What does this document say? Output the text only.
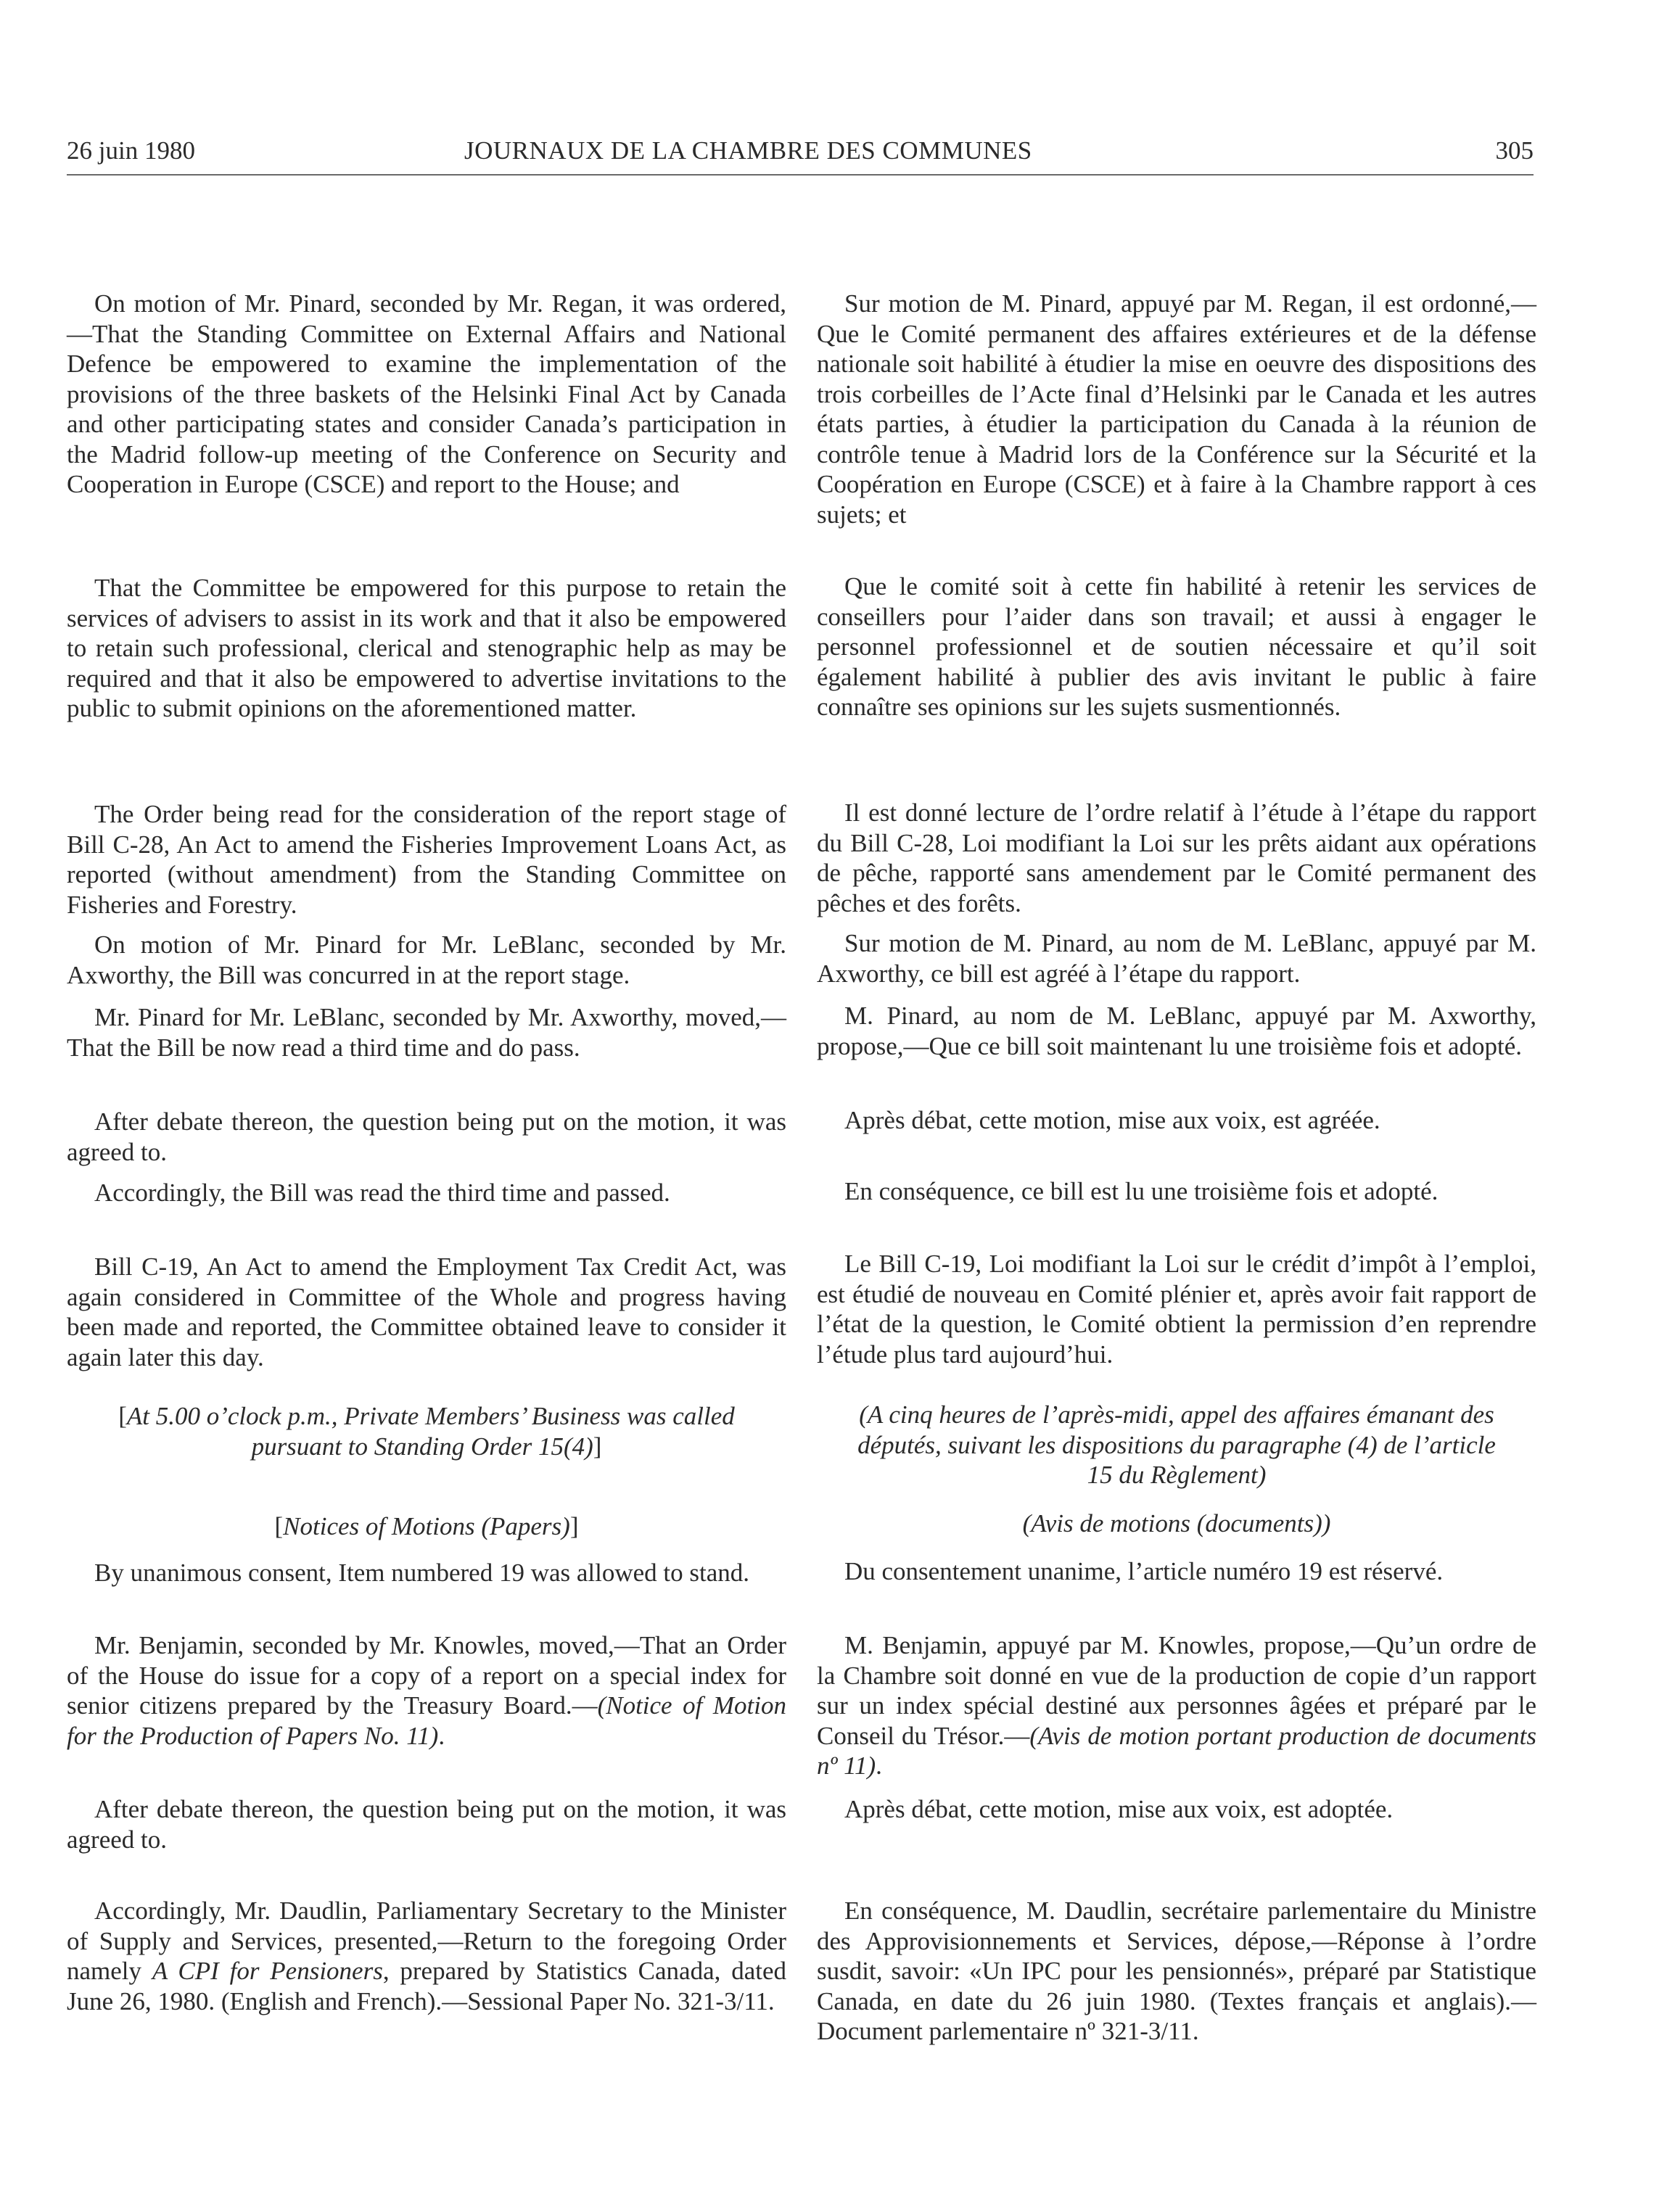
26 juin 1980	JOURNAUX DE LA CHAMBRE DES COMMUNES	305

On motion of Mr. Pinard, seconded by Mr. Regan, it was ordered,—That the Standing Committee on External Affairs and National Defence be empowered to examine the implementation of the provisions of the three baskets of the Helsinki Final Act by Canada and other participating states and consider Canada’s participation in the Madrid follow-up meeting of the Conference on Security and Cooperation in Europe (CSCE) and report to the House; and

That the Committee be empowered for this purpose to retain the services of advisers to assist in its work and that it also be empowered to retain such professional, clerical and stenographic help as may be required and that it also be empowered to advertise invitations to the public to submit opinions on the aforementioned matter.

The Order being read for the consideration of the report stage of Bill C-28, An Act to amend the Fisheries Improvement Loans Act, as reported (without amendment) from the Standing Committee on Fisheries and Forestry.

On motion of Mr. Pinard for Mr. LeBlanc, seconded by Mr. Axworthy, the Bill was concurred in at the report stage.

Mr. Pinard for Mr. LeBlanc, seconded by Mr. Axworthy, moved,—That the Bill be now read a third time and do pass.

After debate thereon, the question being put on the motion, it was agreed to.

Accordingly, the Bill was read the third time and passed.

Bill C-19, An Act to amend the Employment Tax Credit Act, was again considered in Committee of the Whole and progress having been made and reported, the Committee obtained leave to consider it again later this day.

[At 5.00 o’clock p.m., Private Members’ Business was called pursuant to Standing Order 15(4)]

[Notices of Motions (Papers)]

By unanimous consent, Item numbered 19 was allowed to stand.

Mr. Benjamin, seconded by Mr. Knowles, moved,—That an Order of the House do issue for a copy of a report on a special index for senior citizens prepared by the Treasury Board.—(Notice of Motion for the Production of Papers No. 11).

After debate thereon, the question being put on the motion, it was agreed to.

Accordingly, Mr. Daudlin, Parliamentary Secretary to the Minister of Supply and Services, presented,—Return to the foregoing Order namely A CPI for Pensioners, prepared by Statistics Canada, dated June 26, 1980. (English and French).—Sessional Paper No. 321-3/11.

Sur motion de M. Pinard, appuyé par M. Regan, il est ordonné,—Que le Comité permanent des affaires extérieures et de la défense nationale soit habilité à étudier la mise en oeuvre des dispositions des trois corbeilles de l’Acte final d’Helsinki par le Canada et les autres états parties, à étudier la participation du Canada à la réunion de contrôle tenue à Madrid lors de la Conférence sur la Sécurité et la Coopération en Europe (CSCE) et à faire à la Chambre rapport à ces sujets; et

Que le comité soit à cette fin habilité à retenir les services de conseillers pour l’aider dans son travail; et aussi à engager le personnel professionnel et de soutien nécessaire et qu’il soit également habilité à publier des avis invitant le public à faire connaître ses opinions sur les sujets susmentionnés.

Il est donné lecture de l’ordre relatif à l’étude à l’étape du rapport du Bill C-28, Loi modifiant la Loi sur les prêts aidant aux opérations de pêche, rapporté sans amendement par le Comité permanent des pêches et des forêts.

Sur motion de M. Pinard, au nom de M. LeBlanc, appuyé par M. Axworthy, ce bill est agréé à l’étape du rapport.

M. Pinard, au nom de M. LeBlanc, appuyé par M. Axworthy, propose,—Que ce bill soit maintenant lu une troisième fois et adopté.

Après débat, cette motion, mise aux voix, est agréée.

En conséquence, ce bill est lu une troisième fois et adopté.

Le Bill C-19, Loi modifiant la Loi sur le crédit d’impôt à l’emploi, est étudié de nouveau en Comité plénier et, après avoir fait rapport de l’état de la question, le Comité obtient la permission d’en reprendre l’étude plus tard aujourd’hui.

(A cinq heures de l’après-midi, appel des affaires émanant des députés, suivant les dispositions du paragraphe (4) de l’article 15 du Règlement)

(Avis de motions (documents))

Du consentement unanime, l’article numéro 19 est réservé.

M. Benjamin, appuyé par M. Knowles, propose,—Qu’un ordre de la Chambre soit donné en vue de la production de copie d’un rapport sur un index spécial destiné aux personnes âgées et préparé par le Conseil du Trésor.—(Avis de motion portant production de documents nº 11).

Après débat, cette motion, mise aux voix, est adoptée.

En conséquence, M. Daudlin, secrétaire parlementaire du Ministre des Approvisionnements et Services, dépose,—Réponse à l’ordre susdit, savoir: «Un IPC pour les pensionnés», préparé par Statistique Canada, en date du 26 juin 1980. (Textes français et anglais).—Document parlementaire nº 321-3/11.
